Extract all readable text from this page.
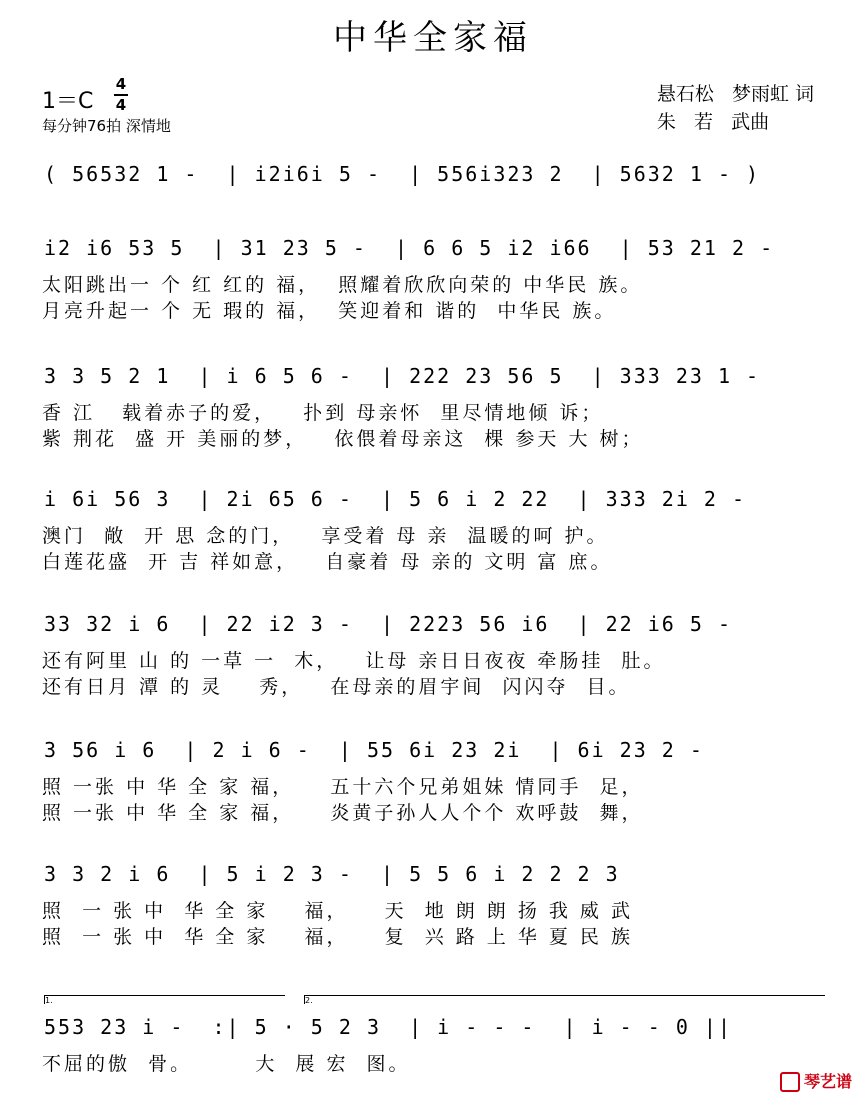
中华全家福
1＝C
4
4
每分钟76拍 深情地
悬石松   梦雨虹 词
朱   若   武曲
( 56532 1 -  | i2i6i 5 -  | 556i323 2  | 5632 1 - )
i2 i6 53 5  | 31 23 5 -  | 6 6 5 i2 i66  | 53 21 2 -
太阳跳出一 个 红 红的 福，  照耀着欣欣向荣的 中华民 族。
月亮升起一 个 无 瑕的 福，  笑迎着和 谐的  中华民 族。
3 3 5 2 1  | i 6 5 6 -  | 222 23 56 5  | 333 23 1 -
香 江   载着赤子的爱，   扑到 母亲怀  里尽情地倾 诉；
紫 荆花  盛 开 美丽的梦，   依偎着母亲这  棵 参天 大 树；
i 6i 56 3  | 2i 65 6 -  | 5 6 i 2 22  | 333 2i 2 -
澳门  敞  开 思 念的门，   享受着 母 亲  温暖的呵 护。
白莲花盛  开 吉 祥如意，   自豪着 母 亲的 文明 富 庶。
33 32 i 6  | 22 i2 3 -  | 2223 56 i6  | 22 i6 5 -
还有阿里 山 的 一草 一  木，   让母 亲日日夜夜 牵肠挂  肚。
还有日月 潭 的 灵    秀，   在母亲的眉宇间  闪闪夺  目。
3 56 i 6  | 2 i 6 -  | 55 6i 23 2i  | 6i 23 2 -
照 一张 中 华 全 家 福，    五十六个兄弟姐妹 情同手  足，
照 一张 中 华 全 家 福，    炎黄子孙人人个个 欢呼鼓  舞，
3 3 2 i 6  | 5 i 2 3 -  | 5 5 6 i 2 2 2 3
照  一 张 中  华 全 家    福，    天  地 朗 朗 扬 我 威 武
照  一 张 中  华 全 家    福，    复  兴 路 上 华 夏 民 族
1.	2.
553 23 i -  :| 5 · 5 2 3  | i - - -  | i - - 0 ||
不屈的傲  骨。       大  展 宏  图。
琴艺谱
